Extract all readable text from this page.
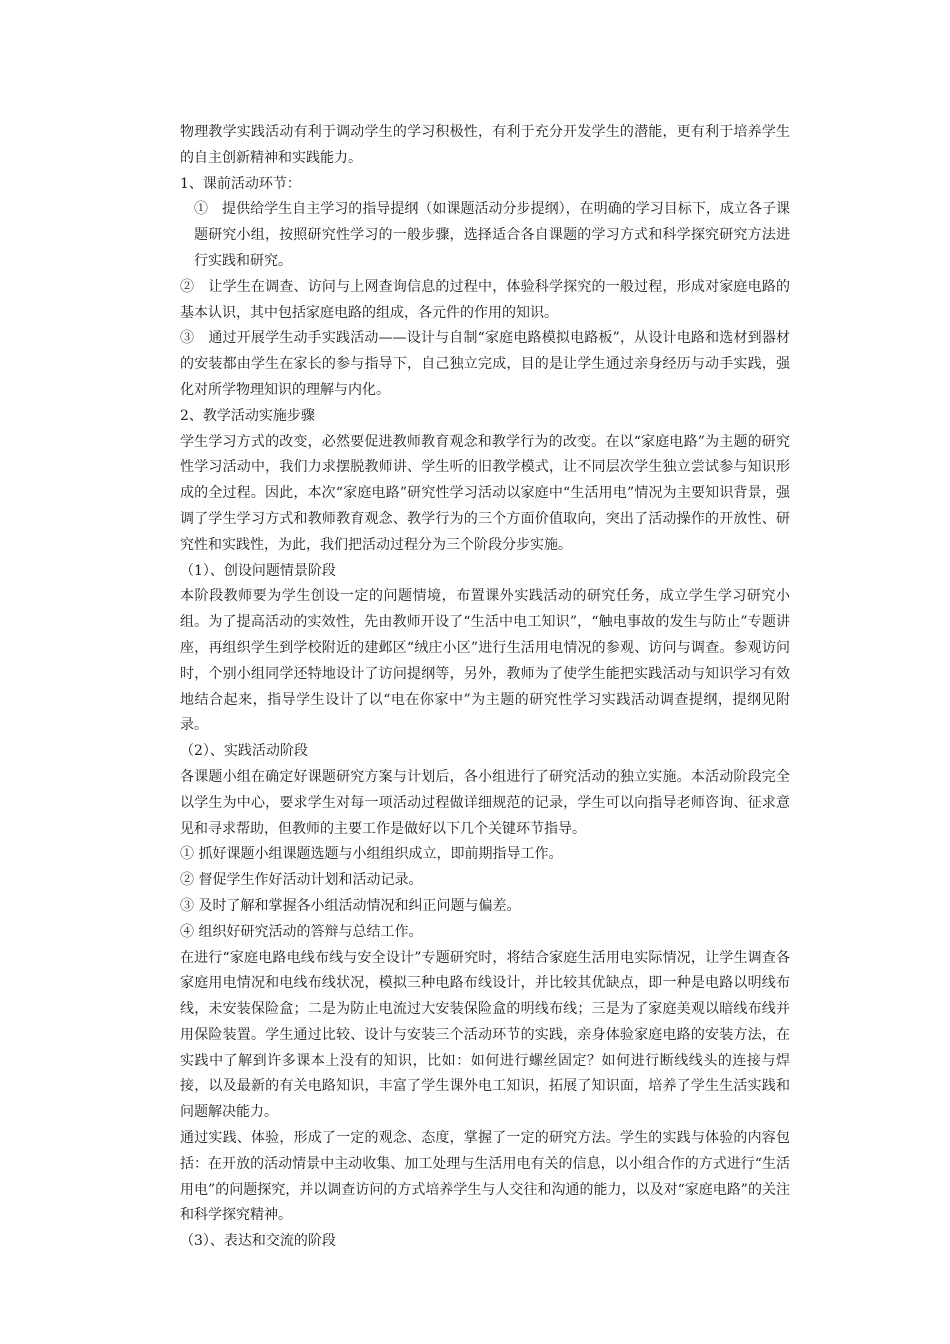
物理教学实践活动有利于调动学生的学习积极性，有利于充分开发学生的潜能，更有利于培养学生的自主创新精神和实践能力。

1、课前活动环节：

①　提供给学生自主学习的指导提纲（如课题活动分步提纲），在明确的学习目标下，成立各子课题研究小组，按照研究性学习的一般步骤，选择适合各自课题的学习方式和科学探究研究方法进行实践和研究。

②　让学生在调查、访问与上网查询信息的过程中，体验科学探究的一般过程，形成对家庭电路的基本认识，其中包括家庭电路的组成，各元件的作用的知识。

③　通过开展学生动手实践活动——设计与自制“家庭电路模拟电路板”，从设计电路和选材到器材的安装都由学生在家长的参与指导下，自己独立完成，目的是让学生通过亲身经历与动手实践，强化对所学物理知识的理解与内化。

2、教学活动实施步骤

学生学习方式的改变，必然要促进教师教育观念和教学行为的改变。在以“家庭电路”为主题的研究性学习活动中，我们力求摆脱教师讲、学生听的旧教学模式，让不同层次学生独立尝试参与知识形成的全过程。因此，本次“家庭电路”研究性学习活动以家庭中“生活用电”情况为主要知识背景，强调了学生学习方式和教师教育观念、教学行为的三个方面价值取向，突出了活动操作的开放性、研究性和实践性，为此，我们把活动过程分为三个阶段分步实施。

（1）、创设问题情景阶段

本阶段教师要为学生创设一定的问题情境，布置课外实践活动的研究任务，成立学生学习研究小组。为了提高活动的实效性，先由教师开设了“生活中电工知识”，“触电事故的发生与防止”专题讲座，再组织学生到学校附近的建邺区“绒庄小区”进行生活用电情况的参观、访问与调查。参观访问时，个别小组同学还特地设计了访问提纲等，另外，教师为了使学生能把实践活动与知识学习有效地结合起来，指导学生设计了以“电在你家中”为主题的研究性学习实践活动调查提纲，提纲见附录。

（2）、实践活动阶段

各课题小组在确定好课题研究方案与计划后，各小组进行了研究活动的独立实施。本活动阶段完全以学生为中心，要求学生对每一项活动过程做详细规范的记录，学生可以向指导老师咨询、征求意见和寻求帮助，但教师的主要工作是做好以下几个关键环节指导。

① 抓好课题小组课题选题与小组组织成立，即前期指导工作。

② 督促学生作好活动计划和活动记录。

③ 及时了解和掌握各小组活动情况和纠正问题与偏差。

④ 组织好研究活动的答辩与总结工作。

在进行“家庭电路电线布线与安全设计”专题研究时，将结合家庭生活用电实际情况，让学生调查各家庭用电情况和电线布线状况，模拟三种电路布线设计，并比较其优缺点，即一种是电路以明线布线，未安装保险盒；二是为防止电流过大安装保险盒的明线布线；三是为了家庭美观以暗线布线并用保险装置。学生通过比较、设计与安装三个活动环节的实践，亲身体验家庭电路的安装方法，在实践中了解到许多课本上没有的知识，比如：如何进行螺丝固定？如何进行断线线头的连接与焊接，以及最新的有关电路知识，丰富了学生课外电工知识，拓展了知识面，培养了学生生活实践和问题解决能力。

通过实践、体验，形成了一定的观念、态度，掌握了一定的研究方法。学生的实践与体验的内容包括：在开放的活动情景中主动收集、加工处理与生活用电有关的信息，以小组合作的方式进行“生活用电”的问题探究，并以调查访问的方式培养学生与人交往和沟通的能力，以及对“家庭电路”的关注和科学探究精神。

（3）、表达和交流的阶段
